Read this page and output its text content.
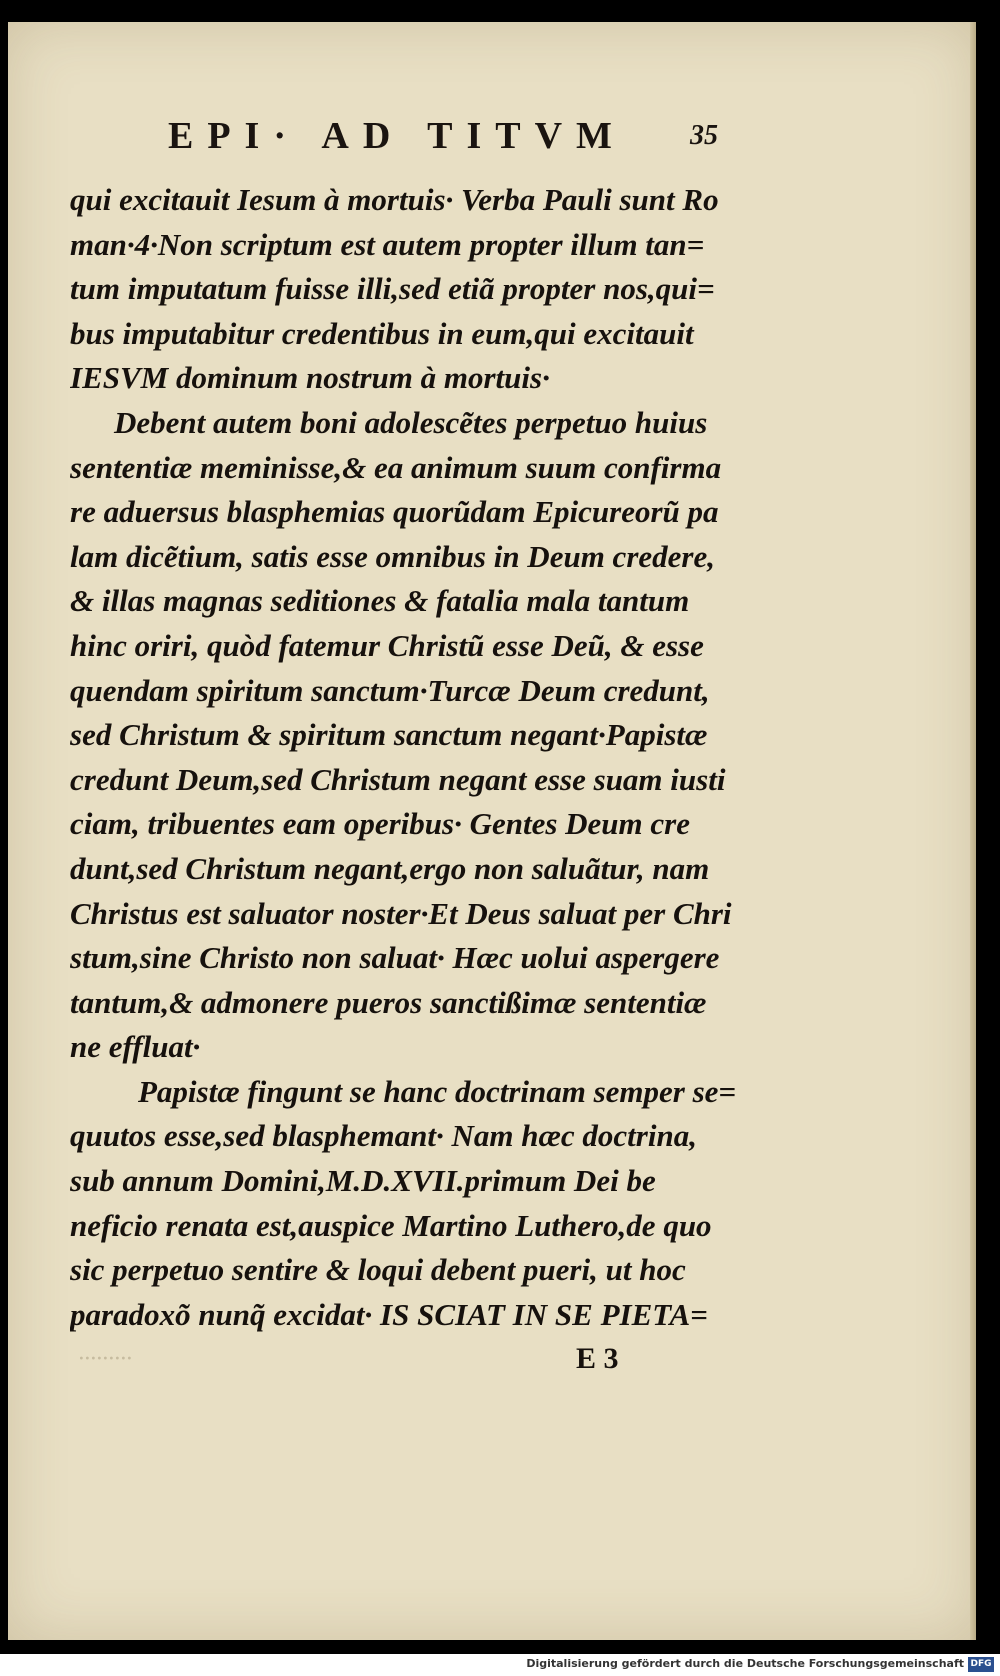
EPI· AD TITVM 35
qui excitauit Iesum à mortuis· Verba Pauli sunt Ro
man·4·Non scriptum est autem propter illum tan=
tum imputatum fuisse illi,sed etiã propter nos,qui=
bus imputabitur credentibus in eum,qui excitauit
IESVM dominum nostrum à mortuis·
Debent autem boni adolescẽtes perpetuo huius
sententiæ meminisse,& ea animum suum confirma
re aduersus blasphemias quorũdam Epicureorũ pa
lam dicẽtium, satis esse omnibus in Deum credere,
& illas magnas seditiones & fatalia mala tantum
hinc oriri, quòd fatemur Christũ esse Deũ, & esse
quendam spiritum sanctum·Turcæ Deum credunt,
sed Christum & spiritum sanctum negant·Papistæ
credunt Deum,sed Christum negant esse suam iusti
ciam, tribuentes eam operibus· Gentes Deum cre
dunt,sed Christum negant,ergo non saluãtur, nam
Christus est saluator noster·Et Deus saluat per Chri
stum,sine Christo non saluat· Hæc uolui aspergere
tantum,& admonere pueros sanctißimæ sententiæ
ne effluat·
Papistæ fingunt se hanc doctrinam semper se=
quutos esse,sed blasphemant· Nam hæc doctrina,
sub annum Domini,M.D.XVII.primum Dei be
neficio renata est,auspice Martino Luthero,de quo
sic perpetuo sentire & loqui debent pueri, ut hoc
paradoxõ nunq̃ excidat· IS SCIAT IN SE PIETA=
·········	E 3
Digitalisierung gefördert durch die Deutsche Forschungsgemeinschaft DFG
